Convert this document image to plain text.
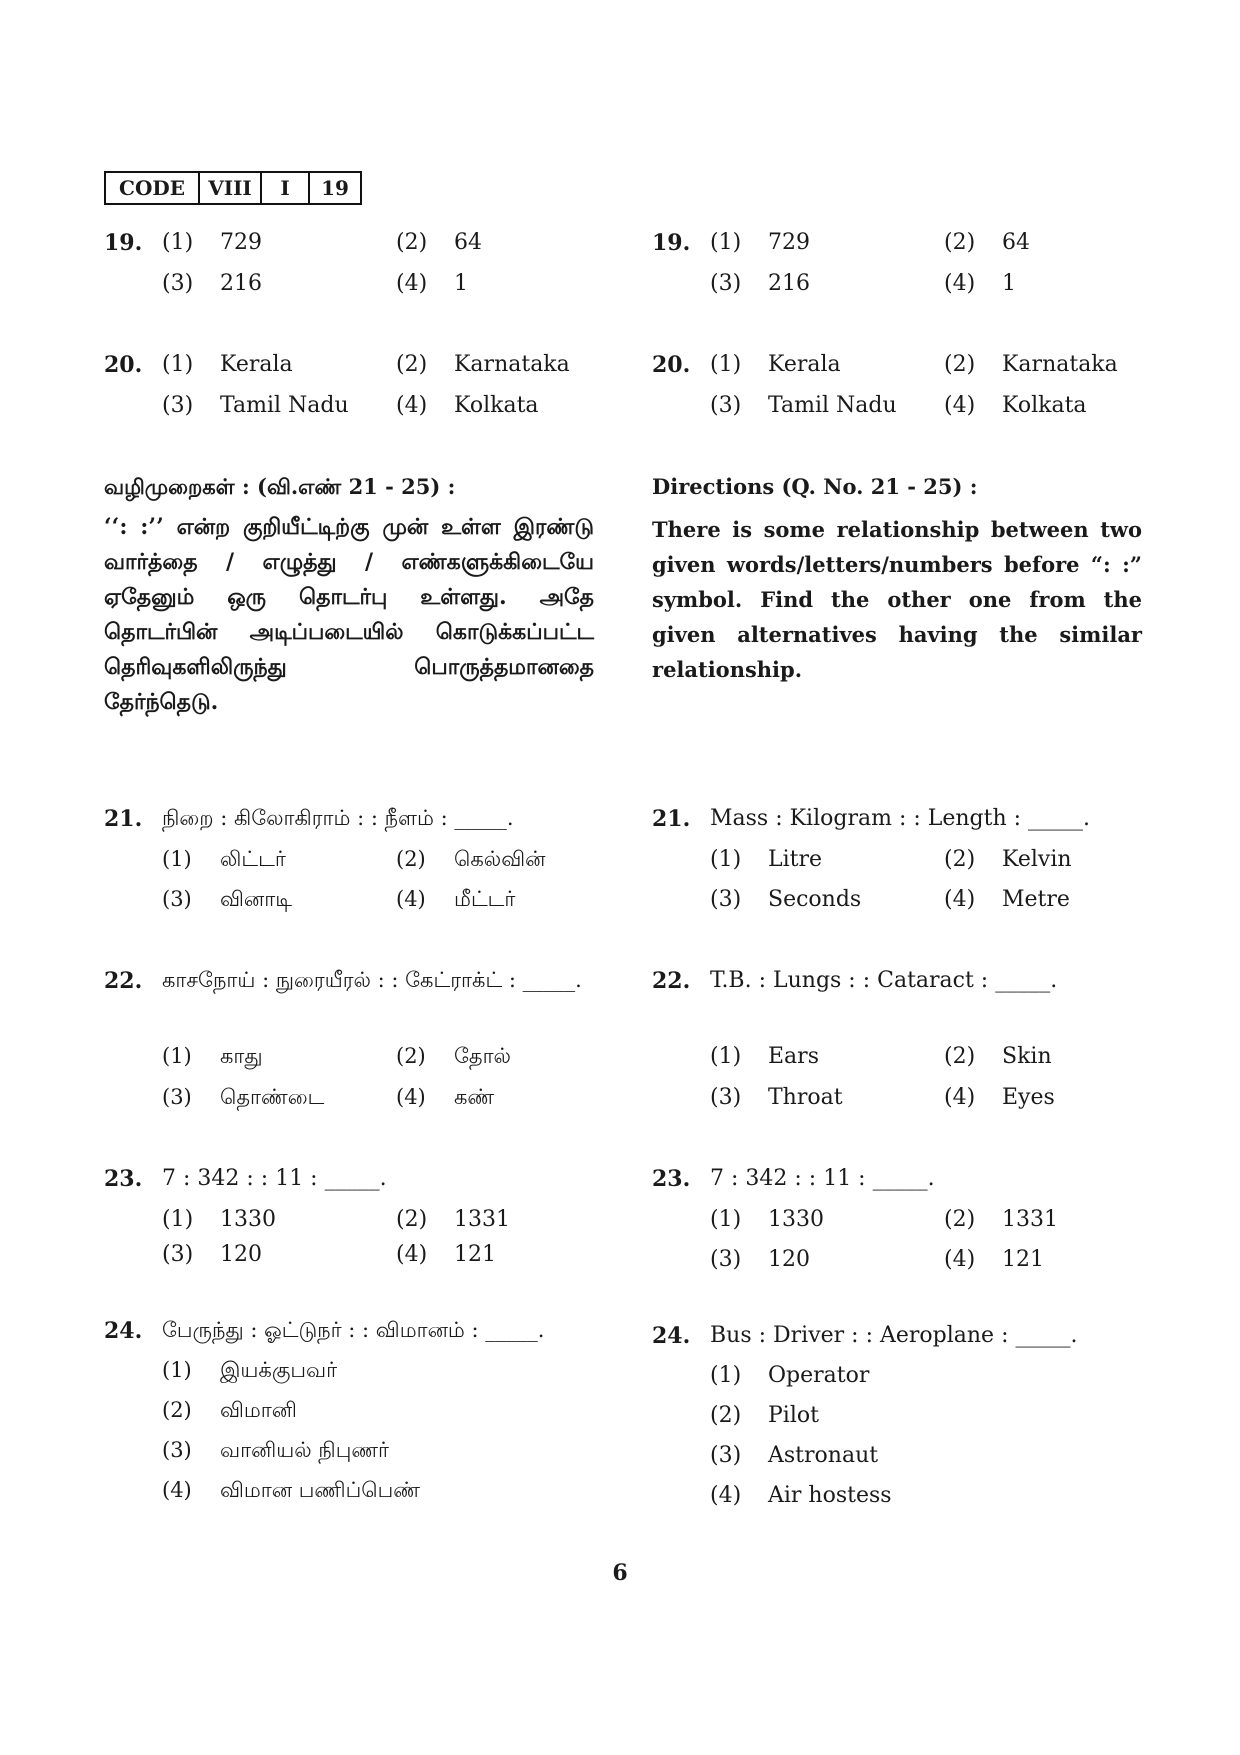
CODE	VIII	I	19
19. (1) 729	(2) 64
(3) 216	(4) 1
20. (1) Kerala	(2) Karnataka
(3) Tamil Nadu (4) Kolkata
வழிமுறைகள் : (வி.எண் 21 - 25) :
‘‘: :’’ என்ற குறியீட்டிற்கு முன் உள்ள இரண்டு வார்த்தை / எழுத்து / எண்களுக்கிடையே ஏதேனும் ஒரு தொடர்பு உள்ளது. அதே தொடர்பின் அடிப்படையில் கொடுக்கப்பட்ட தெரிவுகளிலிருந்து பொருத்தமானதை தேர்ந்தெடு.
21. நிறை : கிலோகிராம் : : நீளம் : _____.
(1) லிட்டர்	(2) கெல்வின்
(3) வினாடி	(4) மீட்டர்
22. காசநோய் : நுரையீரல் : : கேட்ராக்ட் : _____.
(1) காது	(2) தோல்
(3) தொண்டை	(4) கண்
23. 7 : 342 : : 11 : _____.
(1) 1330	(2) 1331
(3) 120	(4) 121
24. பேருந்து : ஓட்டுநர் : : விமானம் : _____.
(1) இயக்குபவர்
(2) விமானி
(3) வானியல் நிபுணர்
(4) விமான பணிப்பெண்
19. (1) 729	(2) 64
(3) 216	(4) 1
20. (1) Kerala	(2) Karnataka
(3) Tamil Nadu (4) Kolkata
Directions (Q. No. 21 - 25) :
There is some relationship between two given words/letters/numbers before “: :” symbol. Find the other one from the given alternatives having the similar relationship.
21. Mass : Kilogram : : Length : _____.
(1) Litre	(2) Kelvin
(3) Seconds	(4) Metre
22. T.B. : Lungs : : Cataract : _____.
(1) Ears	(2) Skin
(3) Throat	(4) Eyes
23. 7 : 342 : : 11 : _____.
(1) 1330	(2) 1331
(3) 120	(4) 121
24. Bus : Driver : : Aeroplane : _____.
(1) Operator
(2) Pilot
(3) Astronaut
(4) Air hostess
6
